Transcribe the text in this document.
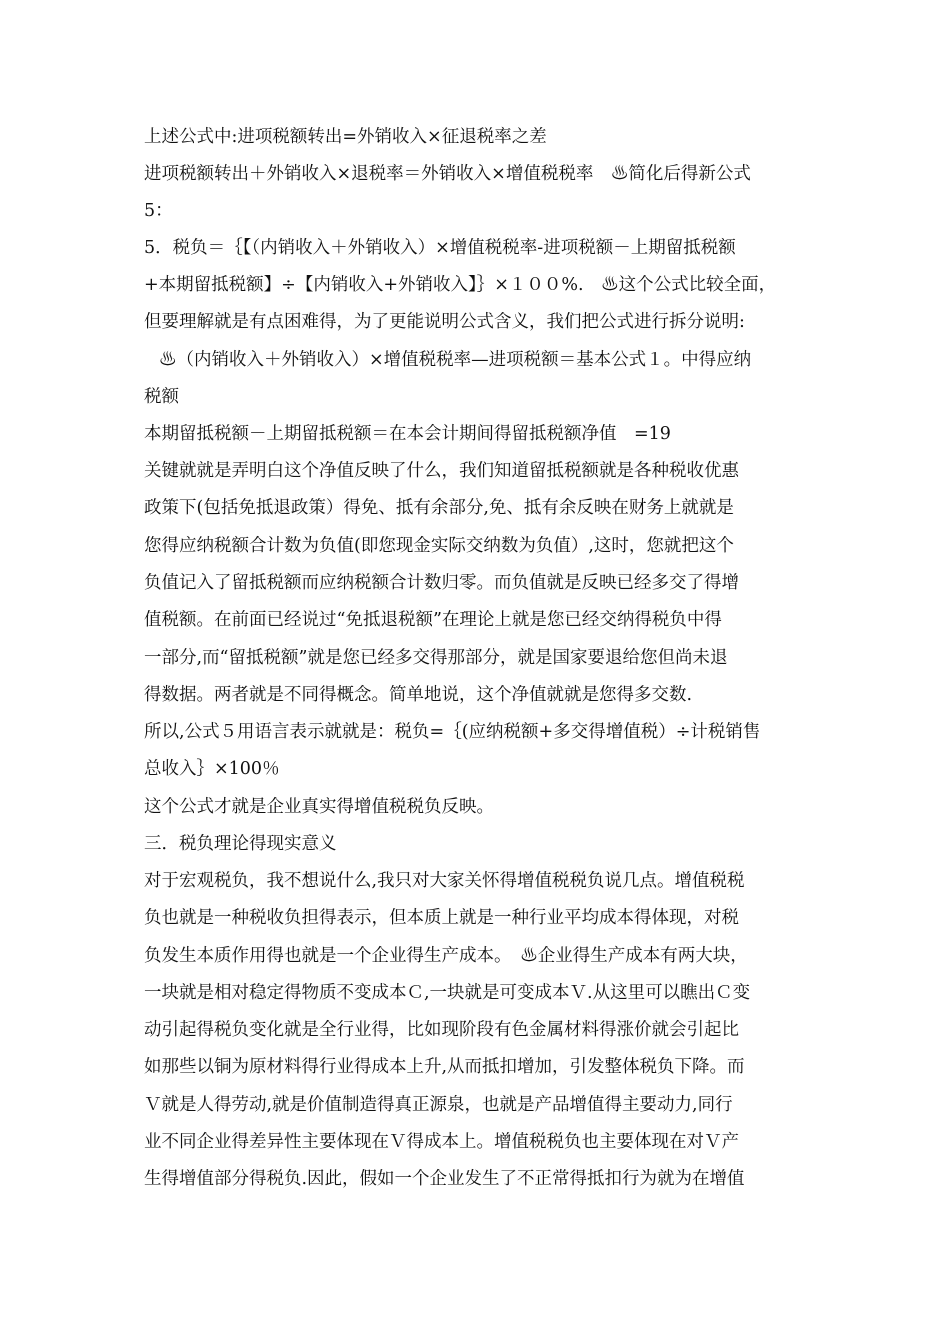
上述公式中:进项税额转出=外销收入×征退税率之差
进项税额转出＋外销收入×退税率＝外销收入×增值税税率　♨简化后得新公式
5：
5．税负＝｛【（内销收入＋外销收入）×增值税税率-进项税额－上期留抵税额
+本期留抵税额】÷【内销收入+外销收入】｝×１００%.　♨这个公式比较全面，
但要理解就是有点困难得，为了更能说明公式含义，我们把公式进行拆分说明:
♨（内销收入＋外销收入）×增值税税率—进项税额＝基本公式１。中得应纳
税额
本期留抵税额－上期留抵税额＝在本会计期间得留抵税额净值　=19
关键就就是弄明白这个净值反映了什么，我们知道留抵税额就是各种税收优惠
政策下(包括免抵退政策）得免、抵有余部分,免、抵有余反映在财务上就就是
您得应纳税额合计数为负值(即您现金实际交纳数为负值）,这时，您就把这个
负值记入了留抵税额而应纳税额合计数归零。而负值就是反映已经多交了得增
值税额。在前面已经说过“免抵退税额”在理论上就是您已经交纳得税负中得
一部分,而“留抵税额”就是您已经多交得那部分，就是国家要退给您但尚未退
得数据。两者就是不同得概念。简单地说，这个净值就就是您得多交数.
所以,公式５用语言表示就就是：税负=｛(应纳税额+多交得增值税）÷计税销售
总收入｝×100％
这个公式才就是企业真实得增值税税负反映。
三．税负理论得现实意义
对于宏观税负，我不想说什么,我只对大家关怀得增值税税负说几点。增值税税
负也就是一种税收负担得表示，但本质上就是一种行业平均成本得体现，对税
负发生本质作用得也就是一个企业得生产成本。　♨企业得生产成本有两大块，
一块就是相对稳定得物质不变成本Ｃ,一块就是可变成本Ｖ.从这里可以瞧出Ｃ变
动引起得税负变化就是全行业得，比如现阶段有色金属材料得涨价就会引起比
如那些以铜为原材料得行业得成本上升,从而抵扣增加，引发整体税负下降。而
Ｖ就是人得劳动,就是价值制造得真正源泉，也就是产品增值得主要动力,同行
业不同企业得差异性主要体现在Ｖ得成本上。增值税税负也主要体现在对Ｖ产
生得增值部分得税负.因此，假如一个企业发生了不正常得抵扣行为就为在增值
